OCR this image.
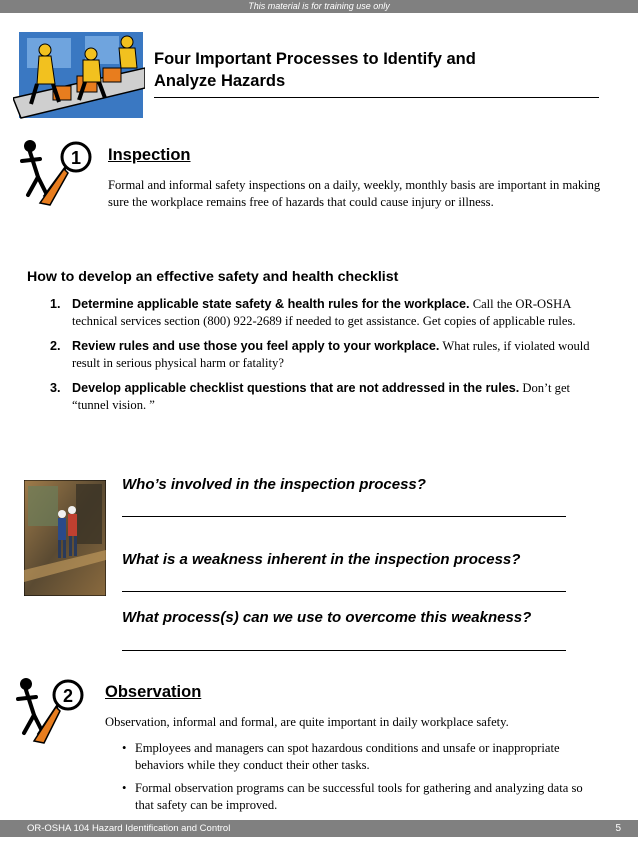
This material is for training use only
Four Important Processes to Identify and
Analyze Hazards
1 Inspection

Formal and informal safety inspections on a daily, weekly, monthly basis are important in making sure the workplace remains free of hazards that could cause injury or illness.

How to develop an effective safety and health checklist
1. Determine applicable state safety & health rules for the workplace. Call the OR-OSHA technical services section (800) 922-2689 if needed to get assistance. Get copies of applicable rules.
2. Review rules and use those you feel apply to your workplace. What rules, if violated would result in serious physical harm or fatality?
3. Develop applicable checklist questions that are not addressed in the rules. Don’t get “tunnel vision. ”

Who’s involved in the inspection process?

What is a weakness inherent in the inspection process?

What process(s) can we use to overcome this weakness?

2 Observation

Observation, informal and formal, are quite important in daily workplace safety.

• Employees and managers can spot hazardous conditions and unsafe or inappropriate behaviors while they conduct their other tasks.
• Formal observation programs can be successful tools for gathering and analyzing data so that safety can be improved.
OR-OSHA 104 Hazard Identification and Control	5
